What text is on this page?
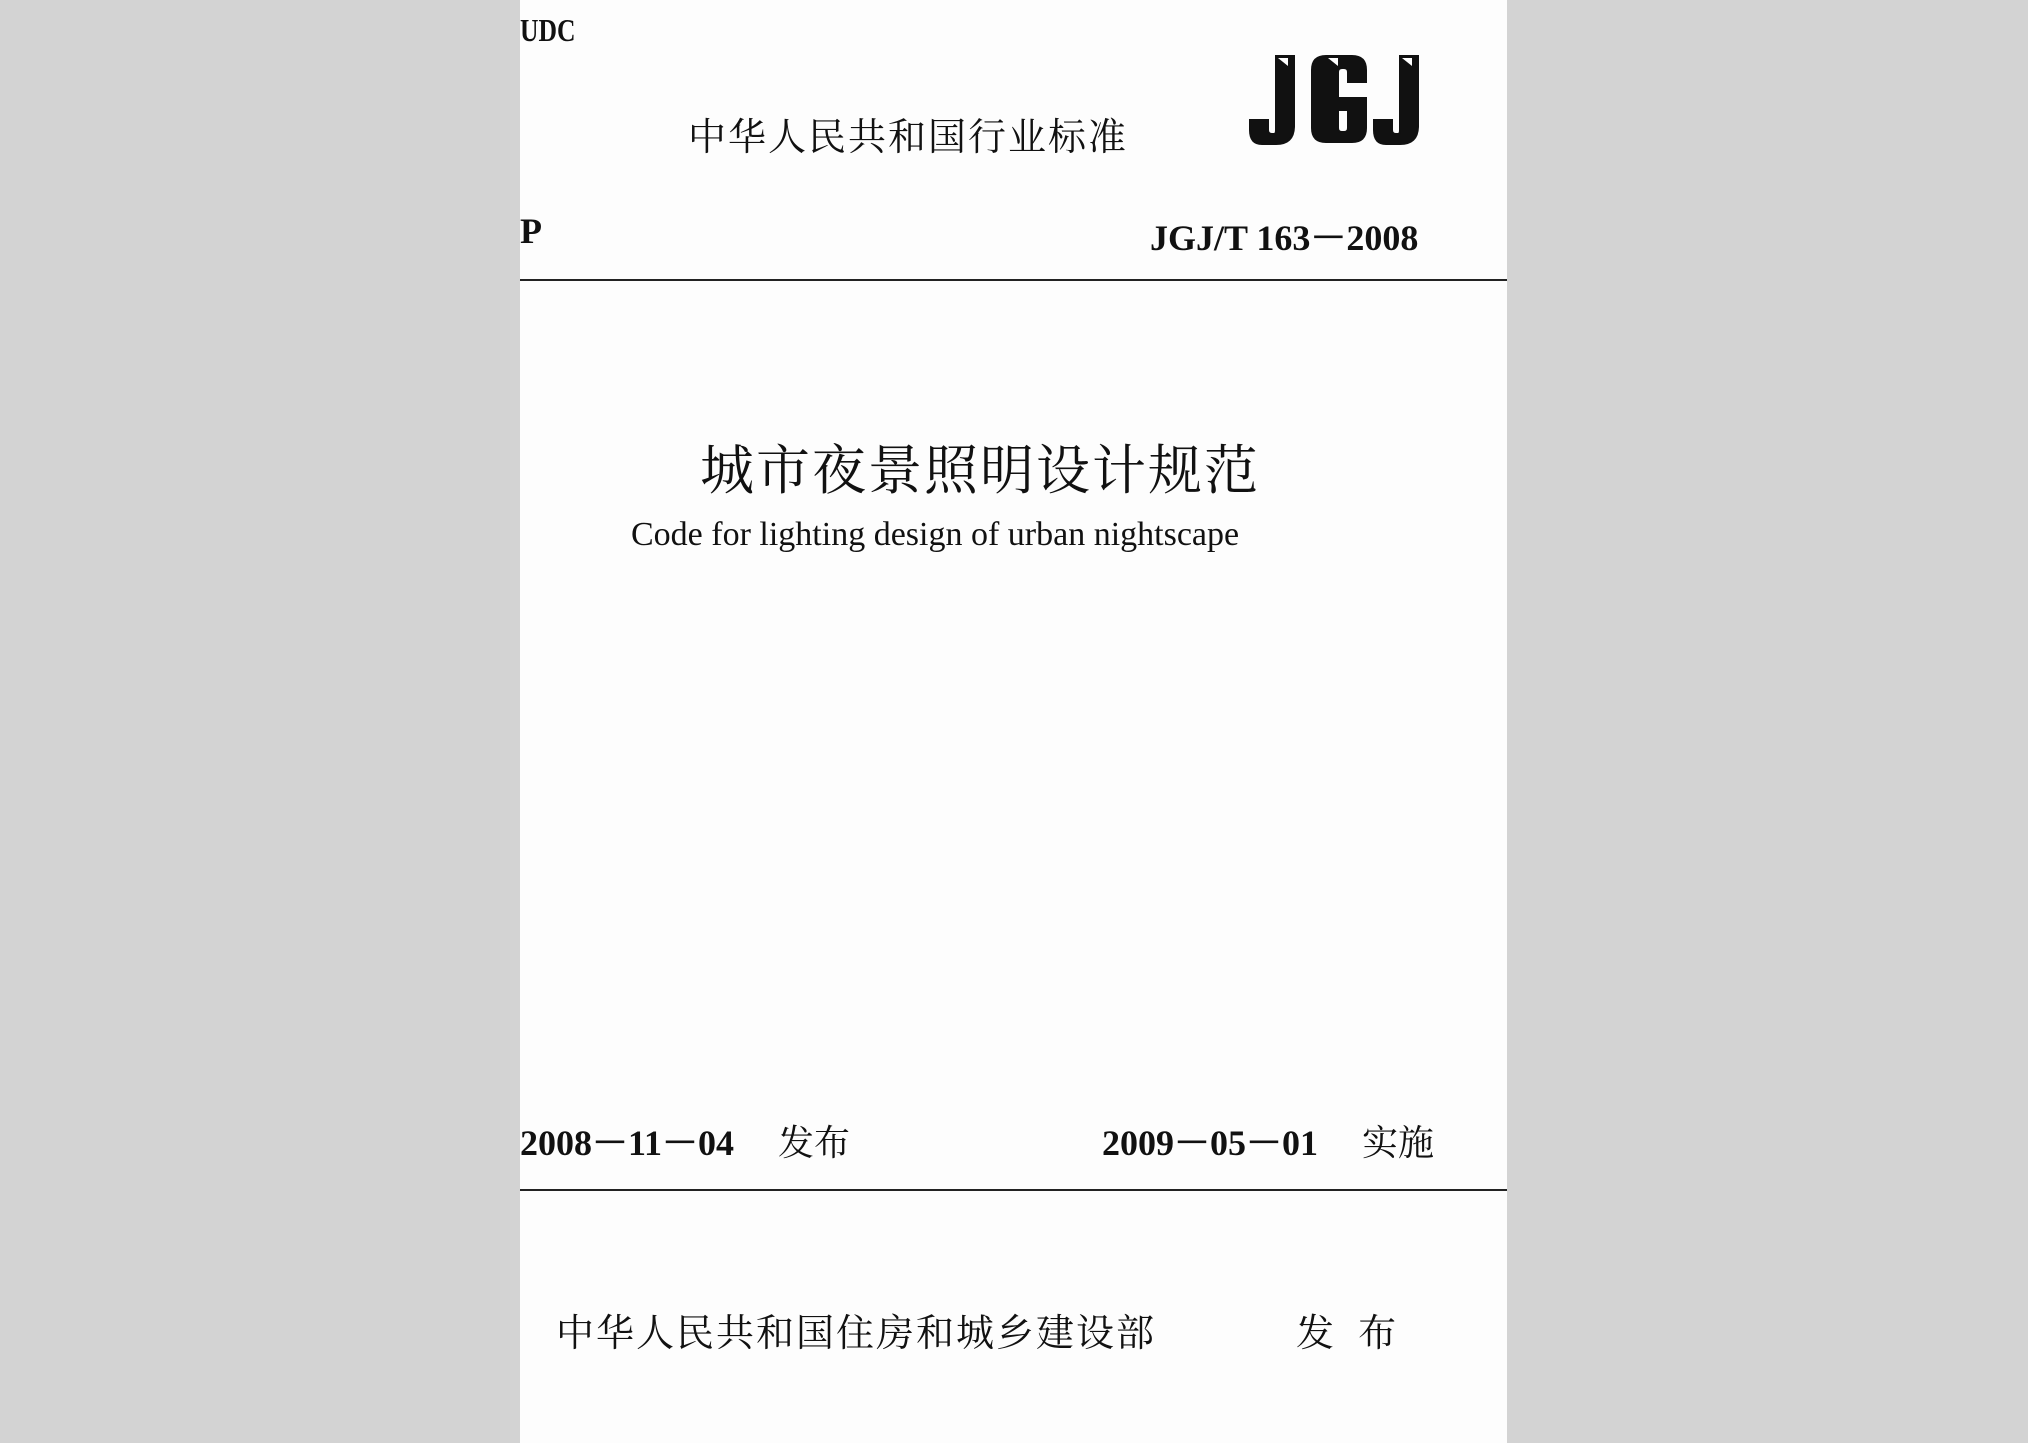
UDC
中华人民共和国行业标准
P	JGJ/T 163－2008
城市夜景照明设计规范
Code for lighting design of urban nightscape
2008－11－04 发布	2009－05－01 实施
中华人民共和国住房和城乡建设部	发 布
